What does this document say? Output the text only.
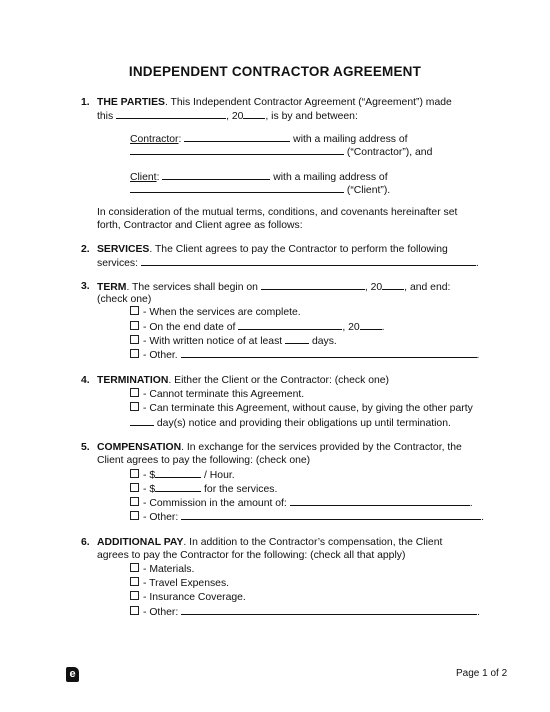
INDEPENDENT CONTRACTOR AGREEMENT
1. THE PARTIES. This Independent Contractor Agreement (“Agreement”) made
this	, 20 , is by and between:
Contractor:	with a mailing address of
(“Contractor”), and
Client:	with a mailing address of
(“Client”).
In consideration of the mutual terms, conditions, and covenants hereinafter set
forth, Contractor and Client agree as follows:
2. SERVICES. The Client agrees to pay the Contractor to perform the following
services:	.
3. TERM. The services shall begin on	, 20 , and end:
(check one)
- When the services are complete.
- On the end date of	, 20 .
- With written notice of at least	days.
- Other.	.
4. TERMINATION. Either the Client or the Contractor: (check one)
- Cannot terminate this Agreement.
- Can terminate this Agreement, without cause, by giving the other party
day(s) notice and providing their obligations up until termination.
5. COMPENSATION. In exchange for the services provided by the Contractor, the
Client agrees to pay the following: (check one)
- $	/ Hour.
- $	for the services.
- Commission in the amount of:	.
- Other:	.
6. ADDITIONAL PAY. In addition to the Contractor’s compensation, the Client
agrees to pay the Contractor for the following: (check all that apply)
- Materials.
- Travel Expenses.
- Insurance Coverage.
- Other:	.
e	Page 1 of 2
